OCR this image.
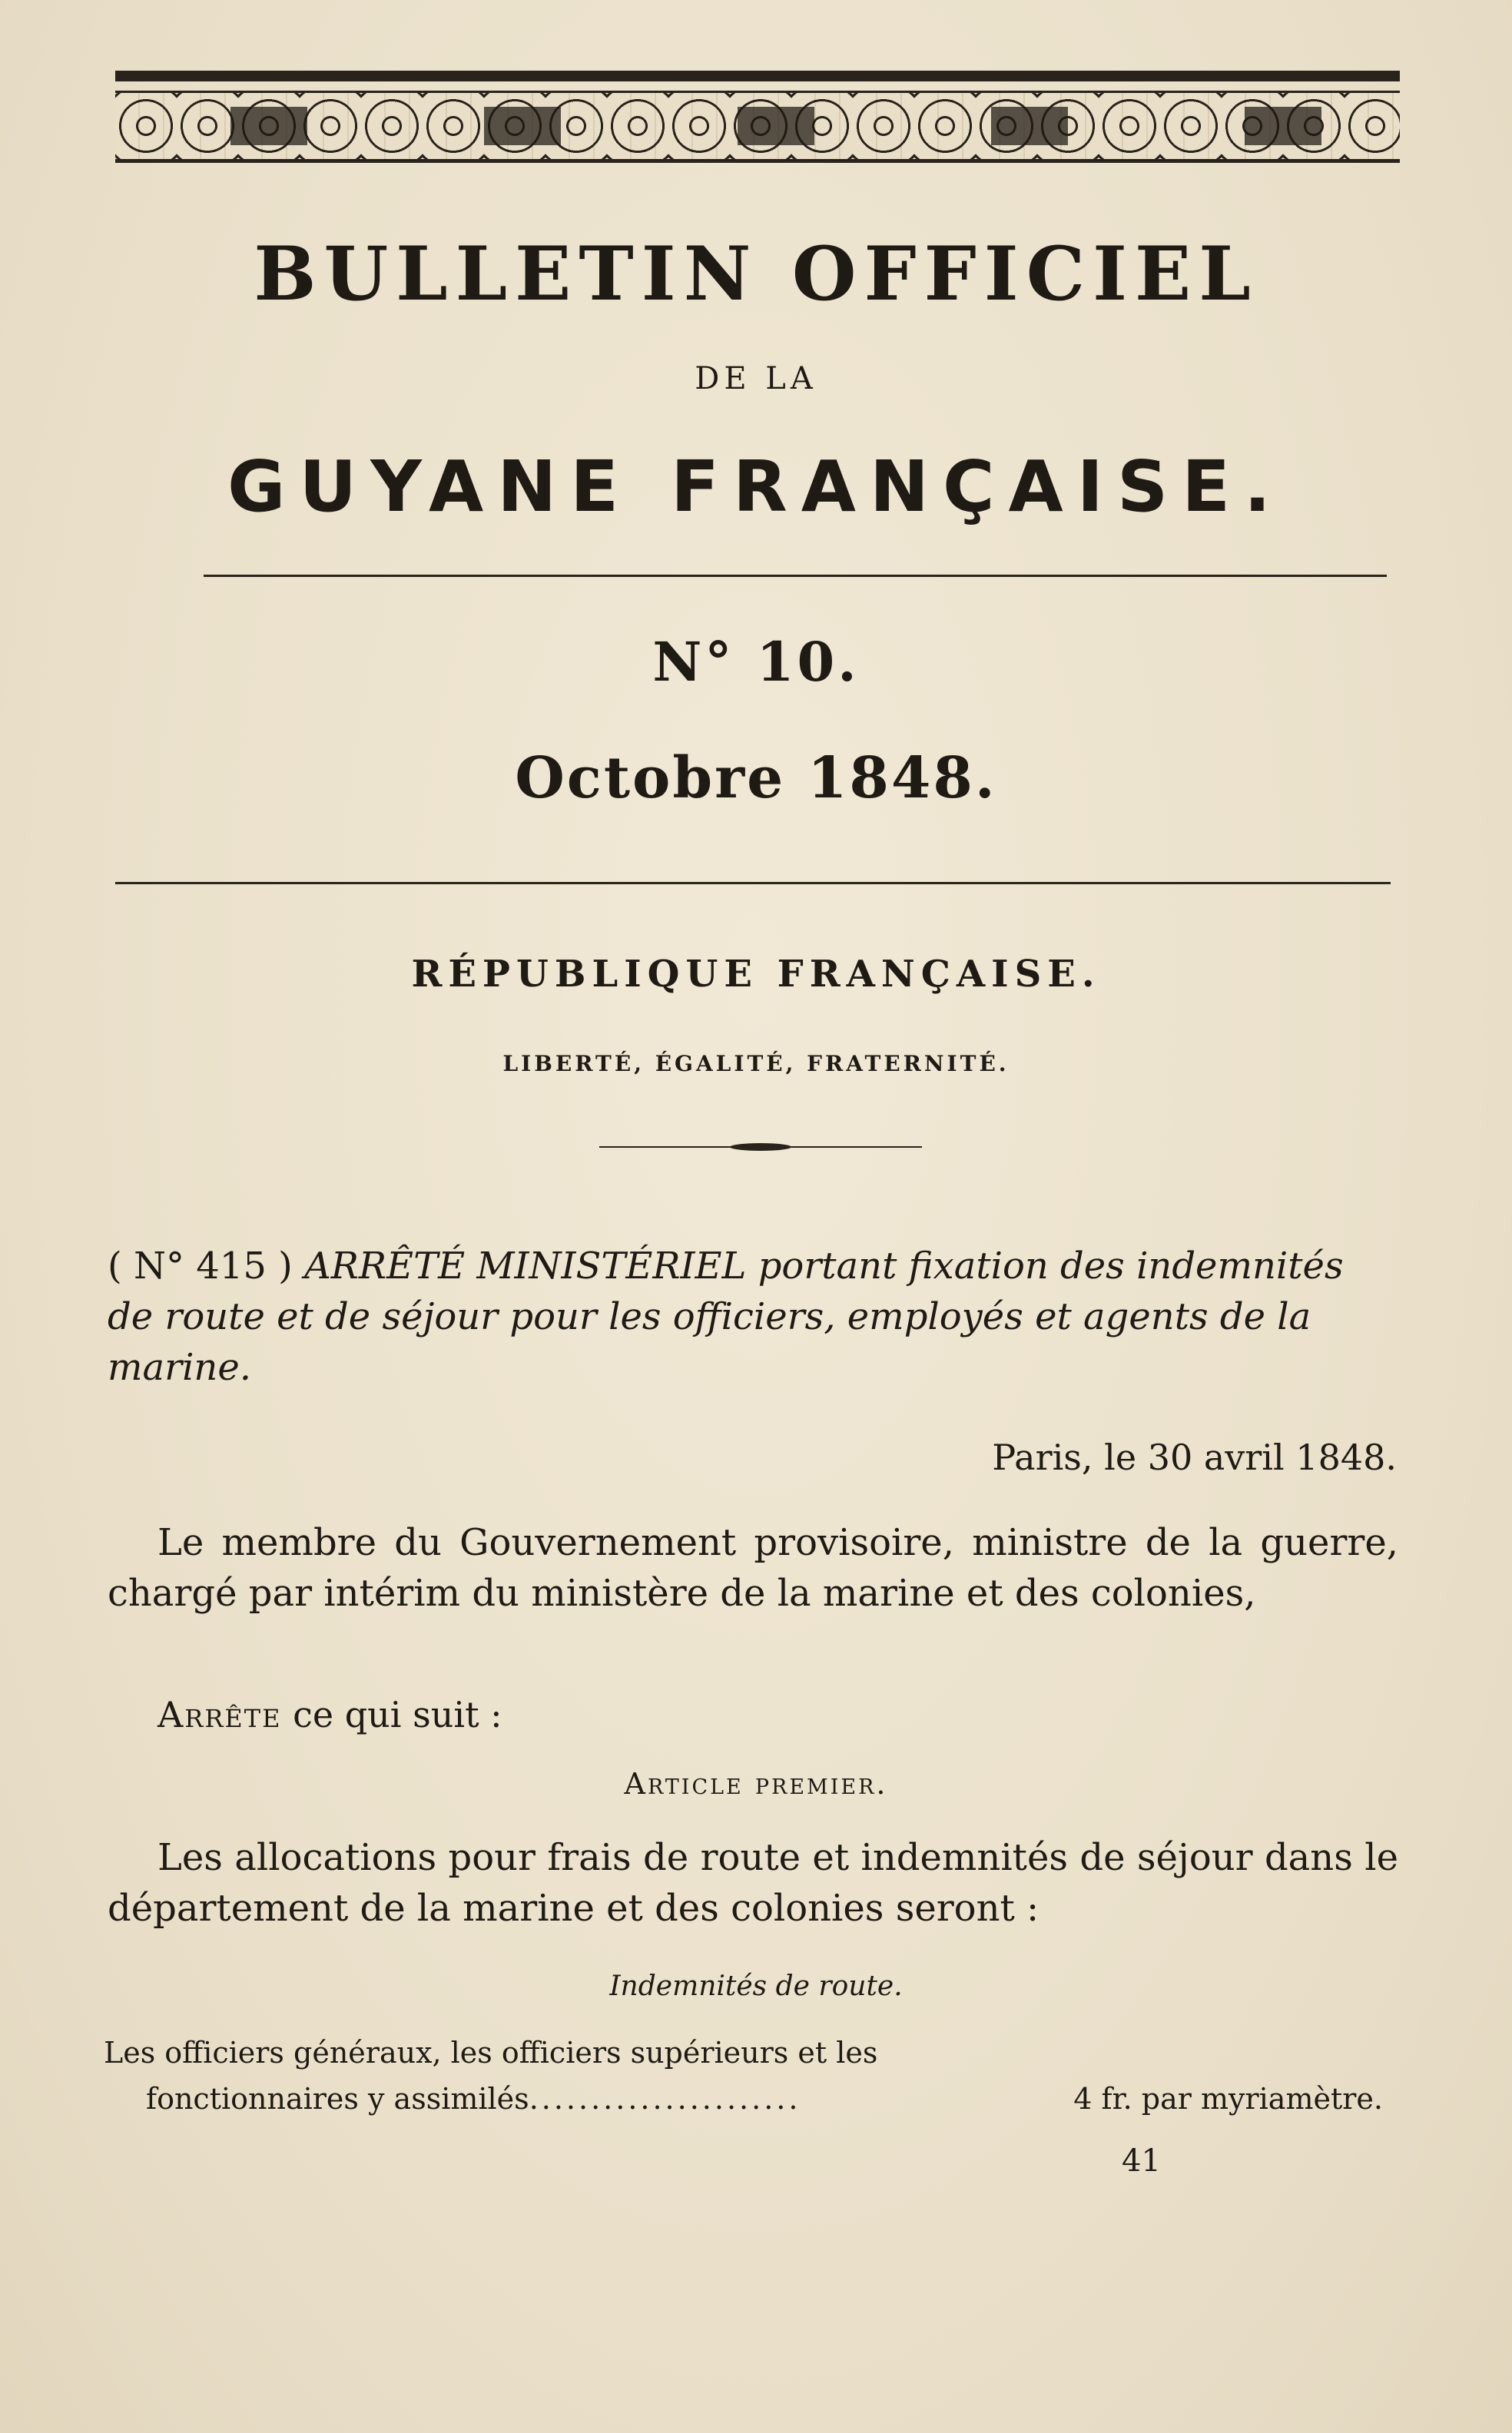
BULLETIN OFFICIEL
DE LA
GUYANE FRANÇAISE.
N° 10.
Octobre 1848.
RÉPUBLIQUE FRANÇAISE.
LIBERTÉ, ÉGALITÉ, FRATERNITÉ.
( N° 415 ) ARRÊTÉ MINISTÉRIEL portant fixation des indemnités de route et de séjour pour les officiers, employés et agents de la marine.
Paris, le 30 avril 1848.
Le membre du Gouvernement provisoire, ministre de la guerre, chargé par intérim du ministère de la marine et des colonies,
Arrête ce qui suit :
Article premier.
Les allocations pour frais de route et indemnités de séjour dans le département de la marine et des colonies seront :
Indemnités de route.
Les officiers généraux, les officiers supérieurs et les
fonctionnaires y assimilés......................	4 fr. par myriamètre.
41
